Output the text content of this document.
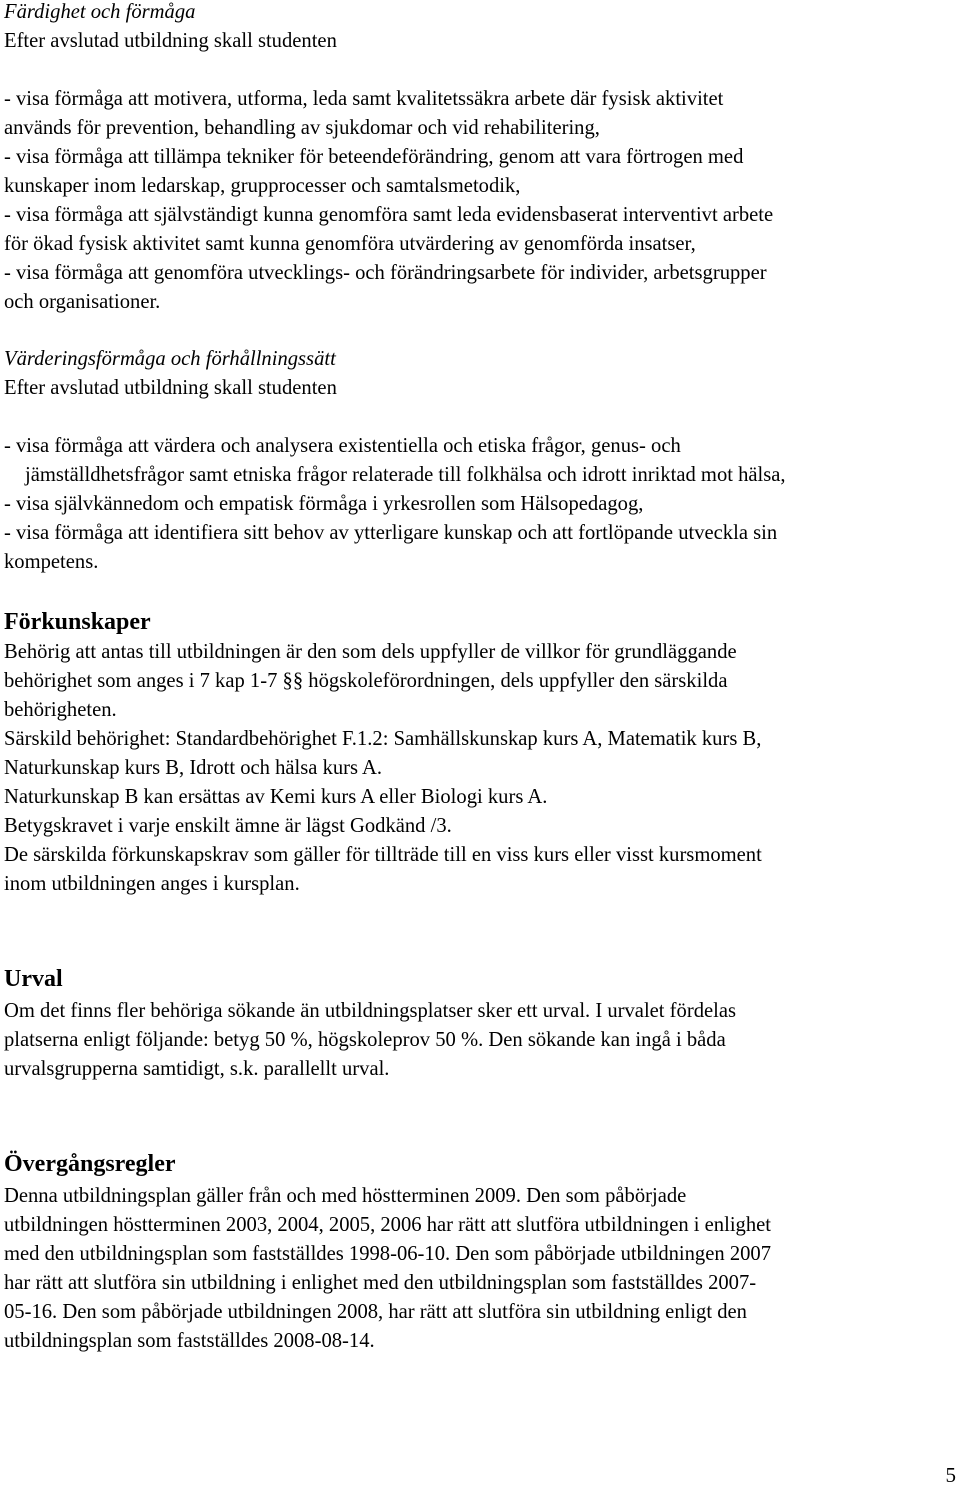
Färdighet och förmåga
Efter avslutad utbildning skall studenten
- visa förmåga att motivera, utforma, leda samt kvalitetssäkra arbete där fysisk aktivitet
används för prevention, behandling av sjukdomar och vid rehabilitering,
- visa förmåga att tillämpa tekniker för beteendeförändring, genom att vara förtrogen med
kunskaper inom ledarskap, grupprocesser och samtalsmetodik,
- visa förmåga att självständigt kunna genomföra samt leda evidensbaserat interventivt arbete
för ökad fysisk aktivitet samt kunna genomföra utvärdering av genomförda insatser,
- visa förmåga att genomföra utvecklings- och förändringsarbete för individer, arbetsgrupper
och organisationer.
Värderingsförmåga och förhållningssätt
Efter avslutad utbildning skall studenten
- visa förmåga att värdera och analysera existentiella och etiska frågor, genus- och
jämställdhetsfrågor samt etniska frågor relaterade till folkhälsa och idrott inriktad mot hälsa,
- visa självkännedom och empatisk förmåga i yrkesrollen som Hälsopedagog,
- visa förmåga att identifiera sitt behov av ytterligare kunskap och att fortlöpande utveckla sin
kompetens.
Förkunskaper
Behörig att antas till utbildningen är den som dels uppfyller de villkor för grundläggande
behörighet som anges i 7 kap 1-7 §§ högskoleförordningen, dels uppfyller den särskilda
behörigheten.
Särskild behörighet: Standardbehörighet F.1.2: Samhällskunskap kurs A, Matematik kurs B,
Naturkunskap kurs B, Idrott och hälsa kurs A.
Naturkunskap B kan ersättas av Kemi kurs A eller Biologi kurs A.
Betygskravet i varje enskilt ämne är lägst Godkänd /3.
De särskilda förkunskapskrav som gäller för tillträde till en viss kurs eller visst kursmoment
inom utbildningen anges i kursplan.
Urval
Om det finns fler behöriga sökande än utbildningsplatser sker ett urval. I urvalet fördelas
platserna enligt följande: betyg 50 %, högskoleprov 50 %. Den sökande kan ingå i båda
urvalsgrupperna samtidigt, s.k. parallellt urval.
Övergångsregler
Denna utbildningsplan gäller från och med höstterminen 2009. Den som påbörjade
utbildningen höstterminen 2003, 2004, 2005, 2006 har rätt att slutföra utbildningen i enlighet
med den utbildningsplan som fastställdes 1998-06-10. Den som påbörjade utbildningen 2007
har rätt att slutföra sin utbildning i enlighet med den utbildningsplan som fastställdes 2007-
05-16. Den som påbörjade utbildningen 2008, har rätt att slutföra sin utbildning enligt den
utbildningsplan som fastställdes 2008-08-14.
5
